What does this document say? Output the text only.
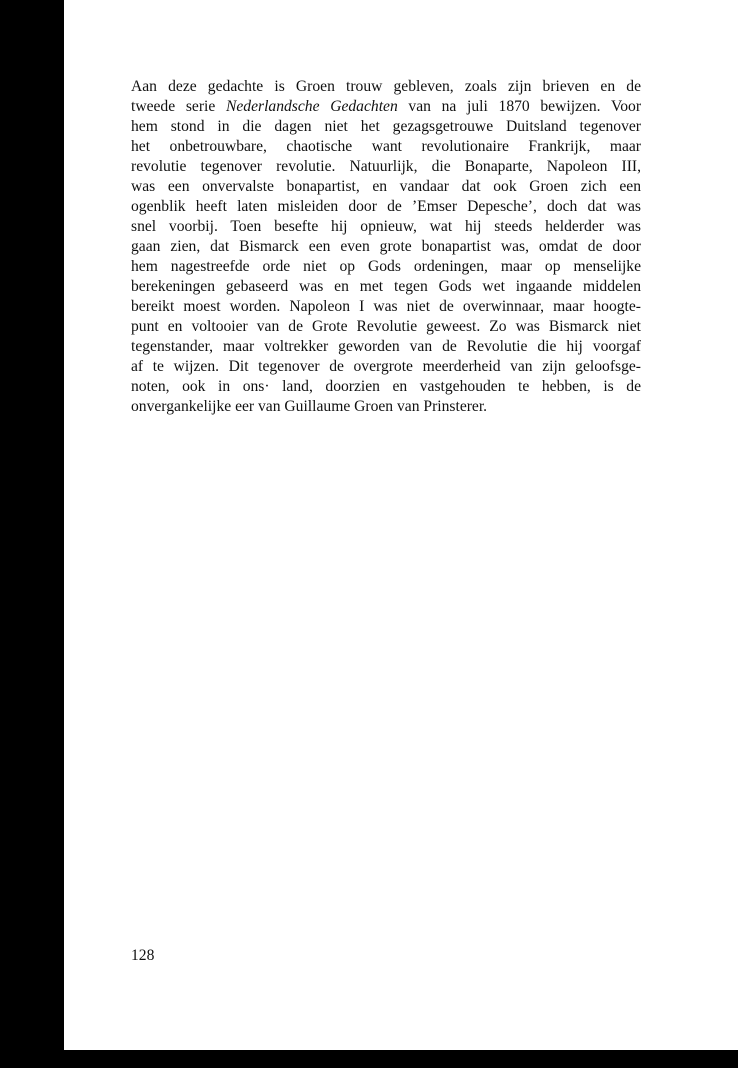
Aan deze gedachte is Groen trouw gebleven, zoals zijn brieven en de
tweede serie Nederlandsche Gedachten van na juli 1870 bewijzen. Voor
hem stond in die dagen niet het gezagsgetrouwe Duitsland tegenover
het onbetrouwbare, chaotische want revolutionaire Frankrijk, maar
revolutie tegenover revolutie. Natuurlijk, die Bonaparte, Napoleon III,
was een onvervalste bonapartist, en vandaar dat ook Groen zich een
ogenblik heeft laten misleiden door de ’Emser Depesche’, doch dat was
snel voorbij. Toen besefte hij opnieuw, wat hij steeds helderder was
gaan zien, dat Bismarck een even grote bonapartist was, omdat de door
hem nagestreefde orde niet op Gods ordeningen, maar op menselijke
berekeningen gebaseerd was en met tegen Gods wet ingaande middelen
bereikt moest worden. Napoleon I was niet de overwinnaar, maar hoogte-
punt en voltooier van de Grote Revolutie geweest. Zo was Bismarck niet
tegenstander, maar voltrekker geworden van de Revolutie die hij voorgaf
af te wijzen. Dit tegenover de overgrote meerderheid van zijn geloofsge-
noten, ook in ons· land, doorzien en vastgehouden te hebben, is de
onvergankelijke eer van Guillaume Groen van Prinsterer.
128
